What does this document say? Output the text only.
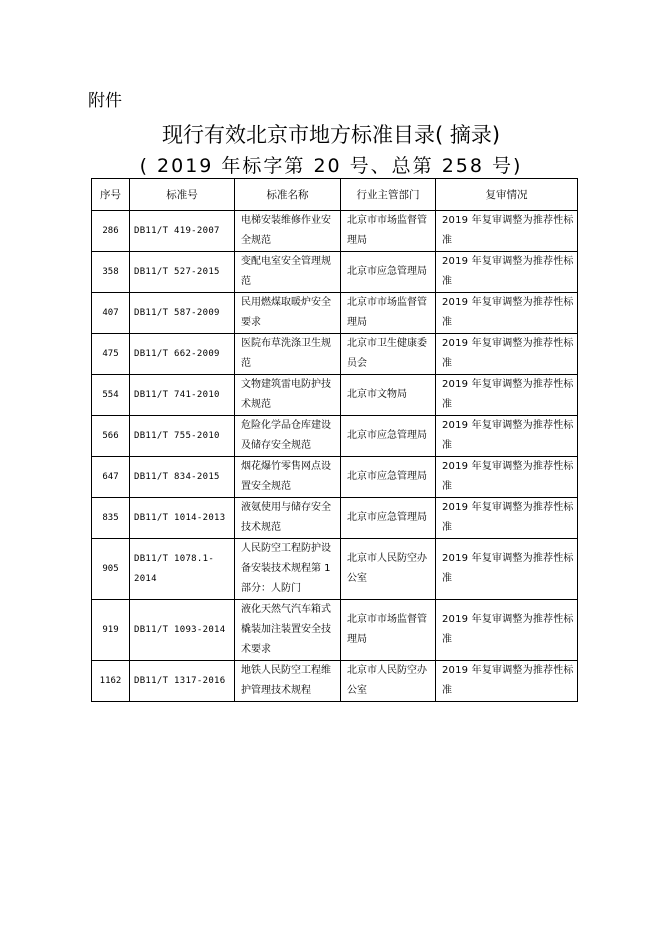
附件
现行有效北京市地方标准目录( 摘录)
( 2019 年标字第 20 号、总第 258 号)
序号	标准号	标准名称	行业主管部门	复审情况
286	DB11/T 419-2007	电梯安装维修作业安全规范	北京市市场监督管理局	2019 年复审调整为推荐性标准
358	DB11/T 527-2015	变配电室安全管理规范	北京市应急管理局	2019 年复审调整为推荐性标准
407	DB11/T 587-2009	民用燃煤取暖炉安全要求	北京市市场监督管理局	2019 年复审调整为推荐性标准
475	DB11/T 662-2009	医院布草洗涤卫生规范	北京市卫生健康委员会	2019 年复审调整为推荐性标准
554	DB11/T 741-2010	文物建筑雷电防护技术规范	北京市文物局	2019 年复审调整为推荐性标准
566	DB11/T 755-2010	危险化学品仓库建设及储存安全规范	北京市应急管理局	2019 年复审调整为推荐性标准
647	DB11/T 834-2015	烟花爆竹零售网点设置安全规范	北京市应急管理局	2019 年复审调整为推荐性标准
835	DB11/T 1014-2013	液氨使用与储存安全技术规范	北京市应急管理局	2019 年复审调整为推荐性标准
905	DB11/T 1078.1-2014	人民防空工程防护设备安装技术规程第 1 部分：人防门	北京市人民防空办公室	2019 年复审调整为推荐性标准
919	DB11/T 1093-2014	液化天然气汽车箱式橇装加注装置安全技术要求	北京市市场监督管理局	2019 年复审调整为推荐性标准
1162	DB11/T 1317-2016	地铁人民防空工程维护管理技术规程	北京市人民防空办公室	2019 年复审调整为推荐性标准
